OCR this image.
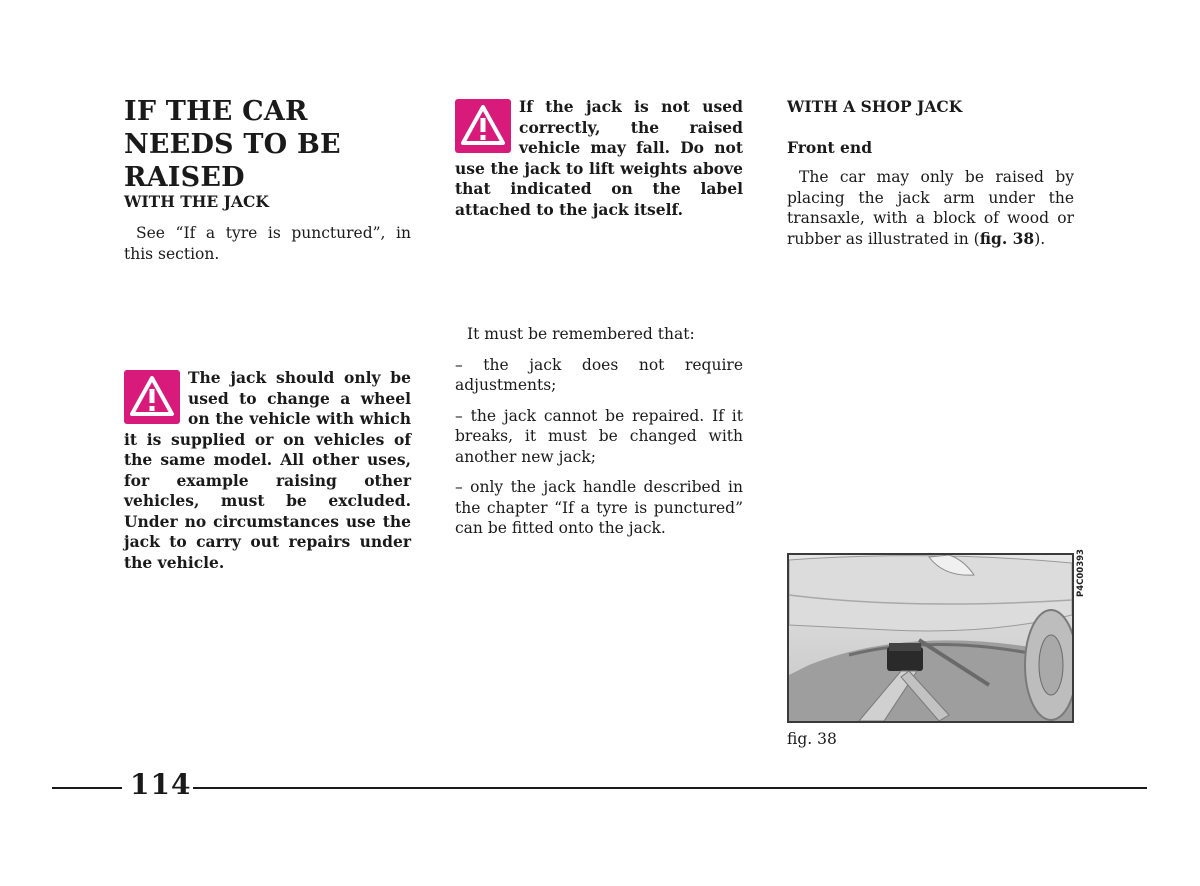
IF THE CAR NEEDS TO BE RAISED

WITH THE JACK

See “If a tyre is punctured”, in this section.

The jack should only be used to change a wheel on the vehicle with which it is supplied or on vehicles of the same model. All other uses, for example raising other vehicles, must be excluded. Under no circumstances use the jack to carry out repairs under the vehicle.

If the jack is not used correctly, the raised vehicle may fall. Do not use the jack to lift weights above that indicated on the label attached to the jack itself.

It must be remembered that:

– the jack does not require adjustments;

– the jack cannot be repaired. If it breaks, it must be changed with another new jack;

– only the jack handle described in the chapter “If a tyre is punctured” can be fitted onto the jack.

WITH A SHOP JACK

Front end

The car may only be raised by placing the jack arm under the transaxle, with a block of wood or rubber as illustrated in (fig. 38).

P4C00393
fig. 38
114
